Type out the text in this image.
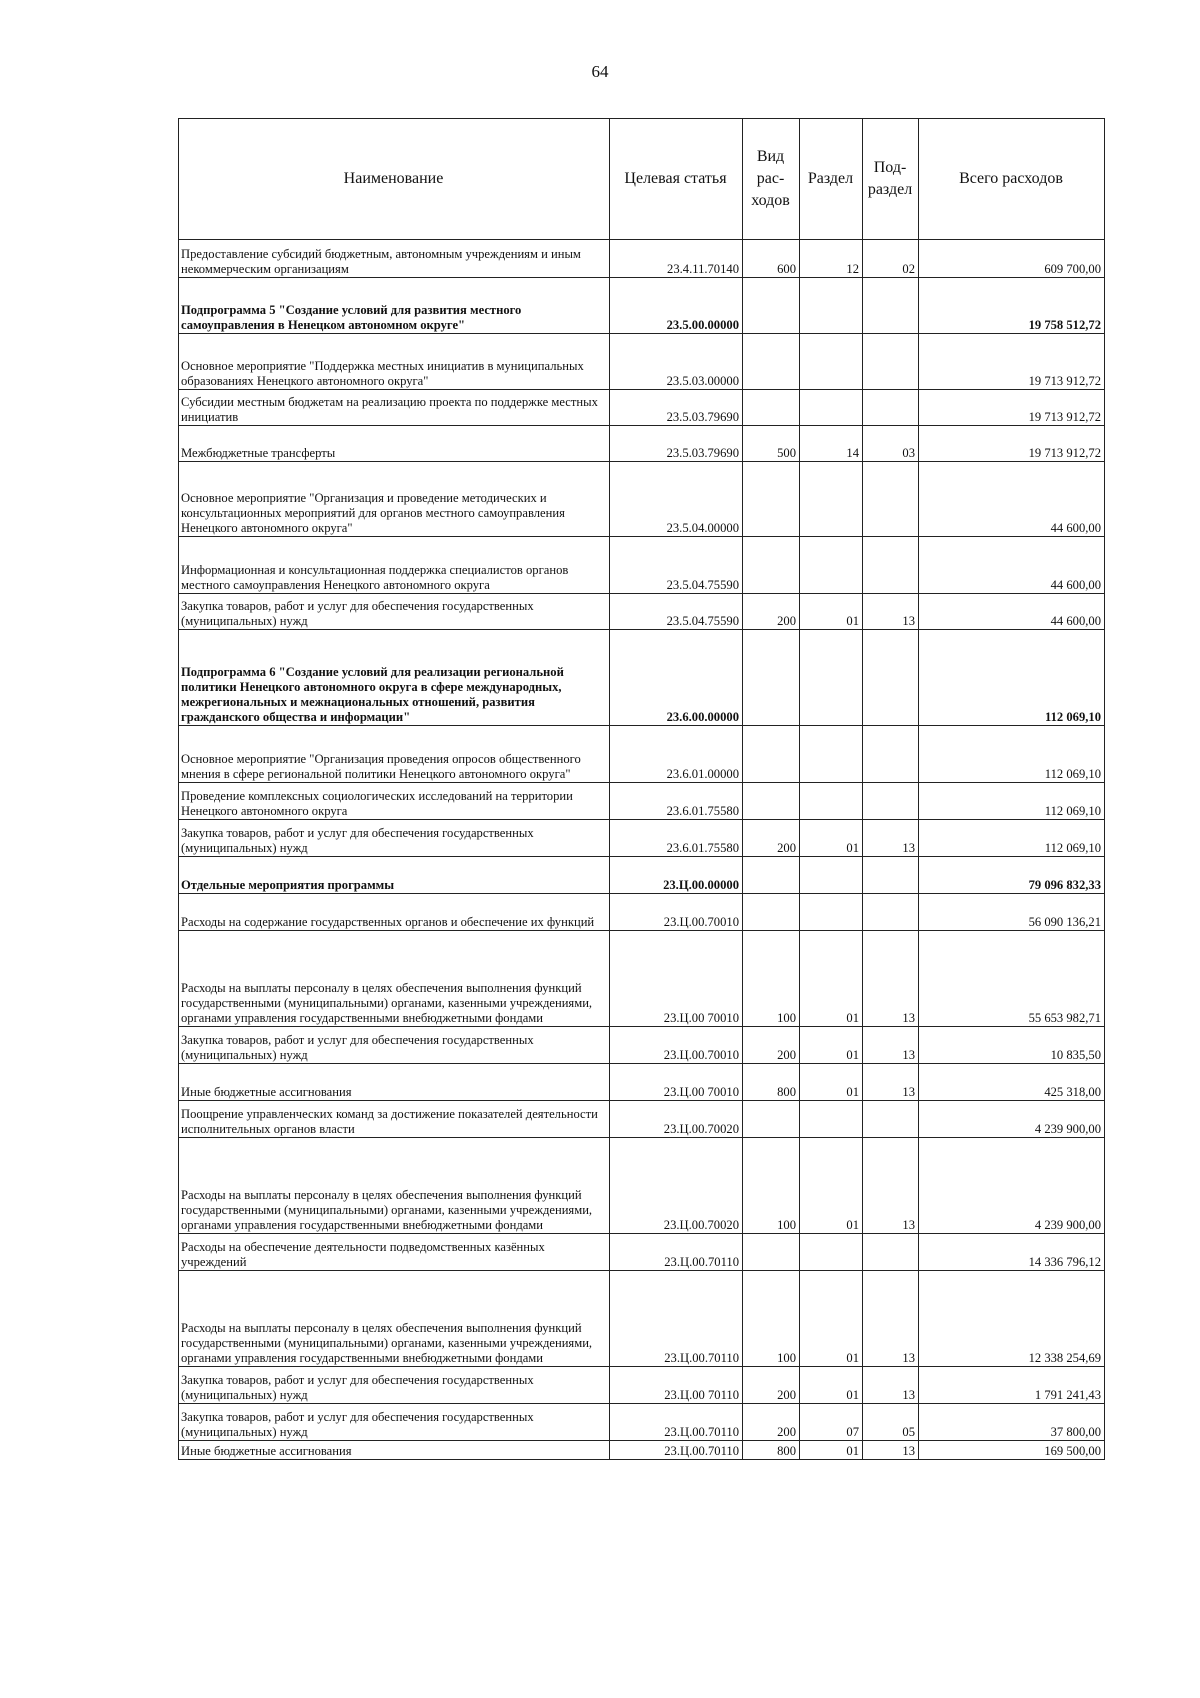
64
Наименование	Целевая статья	Вид рас-ходов	Раздел	Под-раздел	Всего расходов
Предоставление субсидий бюджетным, автономным учреждениям и иным некоммерческим организациям	23.4.11.70140	600	12	02	609 700,00
Подпрограмма 5 "Создание условий для развития местного самоуправления в Ненецком автономном округе"	23.5.00.00000				19 758 512,72
Основное мероприятие "Поддержка местных инициатив в муниципальных образованиях Ненецкого автономного округа"	23.5.03.00000				19 713 912,72
Субсидии местным бюджетам на реализацию проекта по поддержке местных инициатив	23.5.03.79690				19 713 912,72
Межбюджетные трансферты	23.5.03.79690	500	14	03	19 713 912,72
Основное мероприятие "Организация и проведение методических и консультационных мероприятий для органов местного самоуправления Ненецкого автономного округа"	23.5.04.00000				44 600,00
Информационная и консультационная поддержка специалистов органов местного самоуправления Ненецкого автономного округа	23.5.04.75590				44 600,00
Закупка товаров, работ и услуг для обеспечения государственных (муниципальных) нужд	23.5.04.75590	200	01	13	44 600,00
Подпрограмма 6 "Создание условий для реализации региональной политики Ненецкого автономного округа в сфере международных, межрегиональных и межнациональных отношений, развития гражданского общества и информации"	23.6.00.00000				112 069,10
Основное мероприятие "Организация проведения опросов общественного мнения в сфере региональной политики Ненецкого автономного округа"	23.6.01.00000				112 069,10
Проведение комплексных социологических исследований на территории Ненецкого автономного округа	23.6.01.75580				112 069,10
Закупка товаров, работ и услуг для обеспечения государственных (муниципальных) нужд	23.6.01.75580	200	01	13	112 069,10
Отдельные мероприятия программы	23.Ц.00.00000				79 096 832,33
Расходы на содержание государственных органов и обеспечение их функций	23.Ц.00.70010				56 090 136,21
Расходы на выплаты персоналу в целях обеспечения выполнения функций государственными (муниципальными) органами, казенными учреждениями, органами управления государственными внебюджетными фондами	23.Ц.00 70010	100	01	13	55 653 982,71
Закупка товаров, работ и услуг для обеспечения государственных (муниципальных) нужд	23.Ц.00.70010	200	01	13	10 835,50
Иные бюджетные ассигнования	23.Ц.00 70010	800	01	13	425 318,00
Поощрение управленческих команд за достижение показателей деятельности исполнительных органов власти	23.Ц.00.70020				4 239 900,00
Расходы на выплаты персоналу в целях обеспечения выполнения функций государственными (муниципальными) органами, казенными учреждениями, органами управления государственными внебюджетными фондами	23.Ц.00.70020	100	01	13	4 239 900,00
Расходы на обеспечение деятельности подведомственных казённых учреждений	23.Ц.00.70110				14 336 796,12
Расходы на выплаты персоналу в целях обеспечения выполнения функций государственными (муниципальными) органами, казенными учреждениями, органами управления государственными внебюджетными фондами	23.Ц.00.70110	100	01	13	12 338 254,69
Закупка товаров, работ и услуг для обеспечения государственных (муниципальных) нужд	23.Ц.00 70110	200	01	13	1 791 241,43
Закупка товаров, работ и услуг для обеспечения государственных (муниципальных) нужд	23.Ц.00.70110	200	07	05	37 800,00
Иные бюджетные ассигнования	23.Ц.00.70110	800	01	13	169 500,00
